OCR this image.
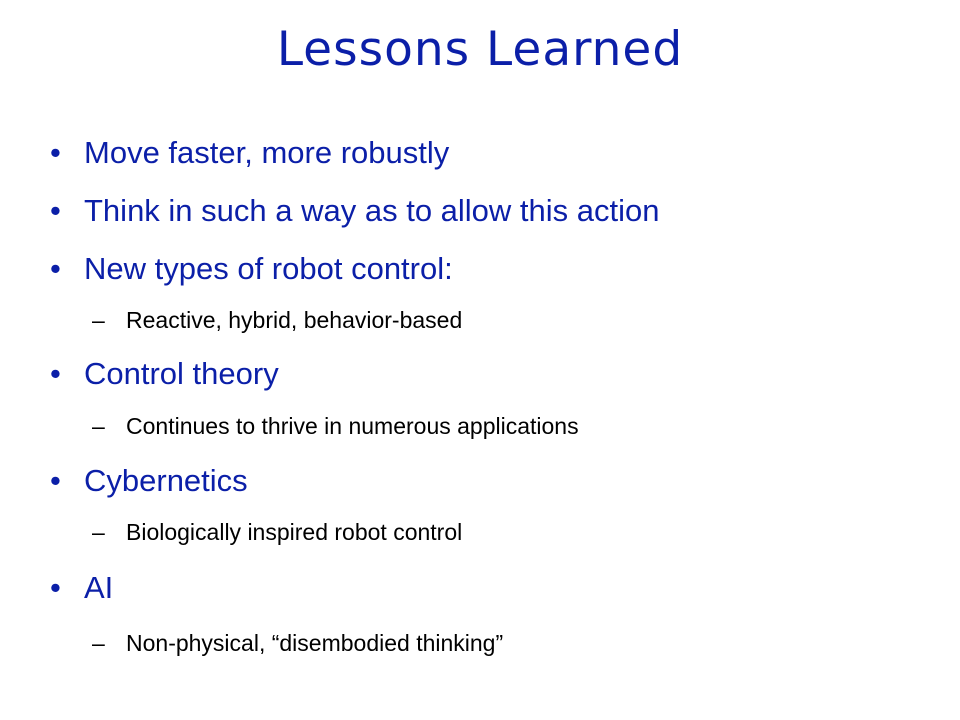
Lessons Learned
• Move faster, more robustly
• Think in such a way as to allow this action
• New types of robot control:
– Reactive, hybrid, behavior-based
• Control theory
– Continues to thrive in numerous applications
• Cybernetics
– Biologically inspired robot control
• AI
– Non-physical, “disembodied thinking”
